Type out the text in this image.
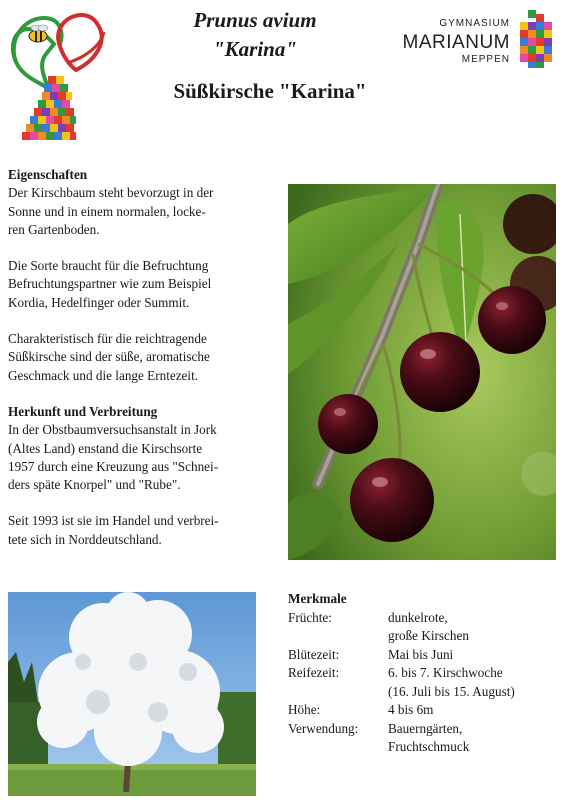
Prunus avium
"Karina"
Süßkirsche "Karina"
GYMNASIUM
MARIANUM
MEPPEN
Eigenschaften

Der Kirschbaum steht bevorzugt in der
Sonne und in einem normalen, locke-
ren Gartenboden.

Die Sorte braucht für die Befruchtung
Befruchtungspartner wie zum Beispiel
Kordia, Hedelfinger oder Summit.

Charakteristisch für die reichtragende
Süßkirsche sind der süße, aromatische
Geschmack und die lange Erntezeit.

Herkunft und Verbreitung

In der Obstbaumversuchsanstalt in Jork
(Altes Land) enstand die Kirschsorte
1957 durch eine Kreuzung aus "Schnei-
ders späte Knorpel" und "Rube".

Seit 1993 ist sie im Handel und verbrei-
tete sich in Norddeutschland.

Merkmale
Früchte:	dunkelrote,
große Kirschen
Blütezeit:	Mai bis Juni
Reifezeit:	6. bis 7. Kirschwoche
(16. Juli bis 15. August)
Höhe:	4 bis 6m
Verwendung:	Bauerngärten,
Fruchtschmuck
